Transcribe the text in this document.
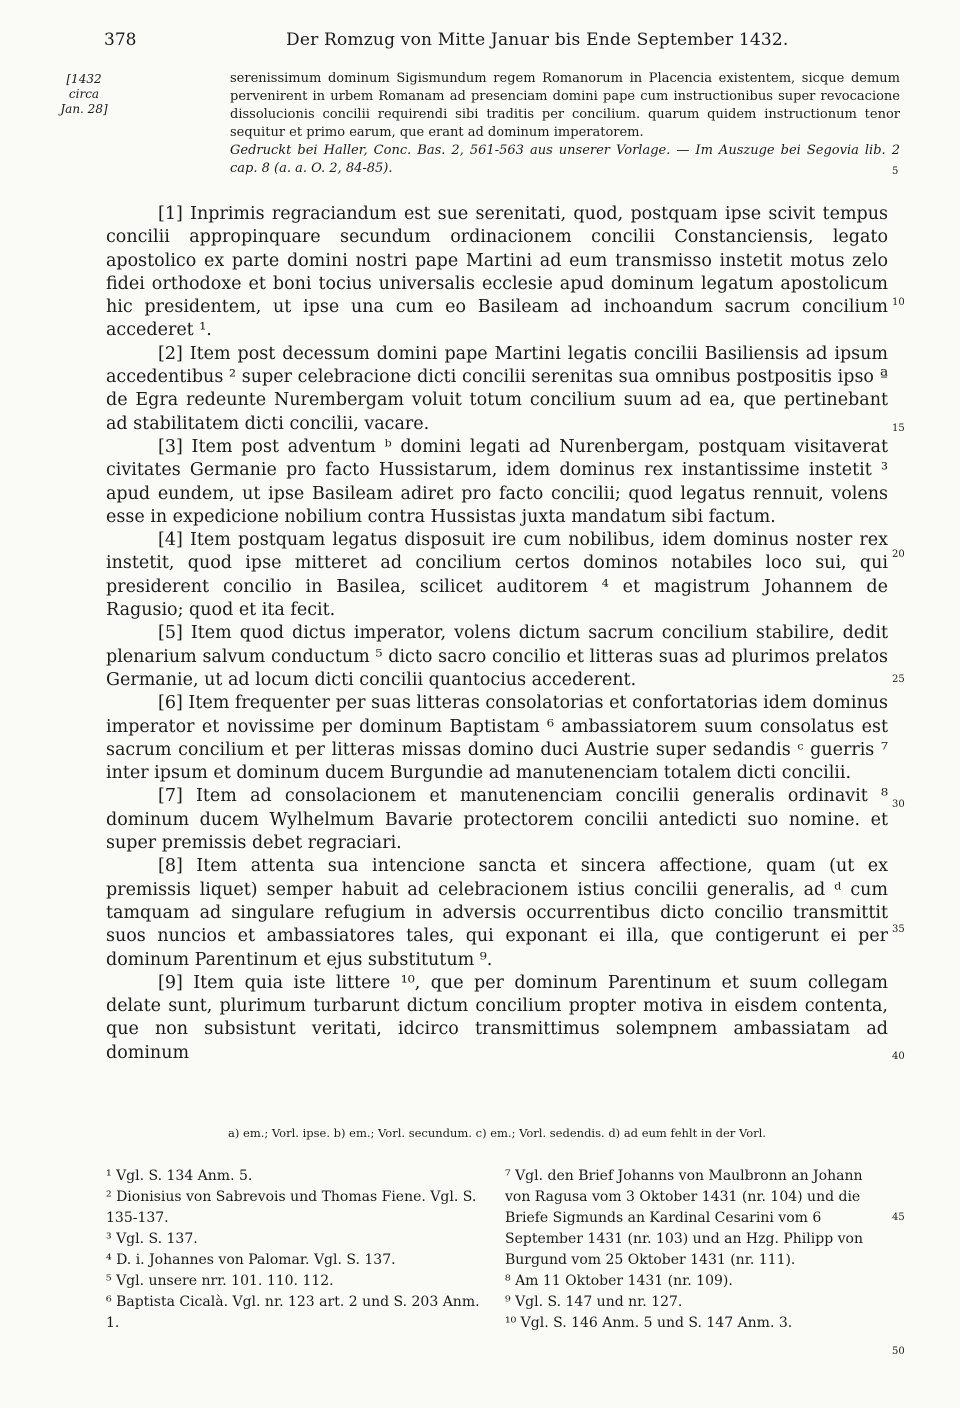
378	Der Romzug von Mitte Januar bis Ende September 1432.
[1432
circa
Jan. 28]

serenissimum dominum Sigismundum regem Romanorum in Placencia existentem, sicque demum pervenirent in urbem Romanam ad presenciam domini pape cum instructionibus super revocacione dissolucionis concilii requirendi sibi traditis per concilium. quarum quidem instructionum tenor sequitur et primo earum, que erant ad dominum imperatorem.

Gedruckt bei Haller, Conc. Bas. 2, 561-563 aus unserer Vorlage. — Im Auszuge bei Segovia lib. 2 cap. 8 (a. a. O. 2, 84-85).	5
10
15
20
25
30
35
40
45
50

[1] Inprimis regraciandum est sue serenitati, quod, postquam ipse scivit tempus concilii appropinquare secundum ordinacionem concilii Constanciensis, legato apostolico ex parte domini nostri pape Martini ad eum transmisso instetit motus zelo fidei orthodoxe et boni tocius universalis ecclesie apud dominum legatum apostolicum hic presidentem, ut ipse una cum eo Basileam ad inchoandum sacrum concilium accederet ¹.

[2] Item post decessum domini pape Martini legatis concilii Basiliensis ad ipsum accedentibus ² super celebracione dicti concilii serenitas sua omnibus postpositis ipso ª de Egra redeunte Nurembergam voluit totum concilium suum ad ea, que pertinebant ad stabilitatem dicti concilii, vacare.

[3] Item post adventum ᵇ domini legati ad Nurenbergam, postquam visitaverat civitates Germanie pro facto Hussistarum, idem dominus rex instantissime instetit ³ apud eundem, ut ipse Basileam adiret pro facto concilii; quod legatus rennuit, volens esse in expedicione nobilium contra Hussistas juxta mandatum sibi factum.

[4] Item postquam legatus disposuit ire cum nobilibus, idem dominus noster rex instetit, quod ipse mitteret ad concilium certos dominos notabiles loco sui, qui presiderent concilio in Basilea, scilicet auditorem ⁴ et magistrum Johannem de Ragusio; quod et ita fecit.

[5] Item quod dictus imperator, volens dictum sacrum concilium stabilire, dedit plenarium salvum conductum ⁵ dicto sacro concilio et litteras suas ad plurimos prelatos Germanie, ut ad locum dicti concilii quantocius accederent.

[6] Item frequenter per suas litteras consolatorias et confortatorias idem dominus imperator et novissime per dominum Baptistam ⁶ ambassiatorem suum consolatus est sacrum concilium et per litteras missas domino duci Austrie super sedandis ᶜ guerris ⁷ inter ipsum et dominum ducem Burgundie ad manutenenciam totalem dicti concilii.

[7] Item ad consolacionem et manutenenciam concilii generalis ordinavit ⁸ dominum ducem Wylhelmum Bavarie protectorem concilii antedicti suo nomine. et super premissis debet regraciari.

[8] Item attenta sua intencione sancta et sincera affectione, quam (ut ex premissis liquet) semper habuit ad celebracionem istius concilii generalis, ad ᵈ cum tamquam ad singulare refugium in adversis occurrentibus dicto concilio transmittit suos nuncios et ambassiatores tales, qui exponant ei illa, que contigerunt ei per dominum Parentinum et ejus substitutum ⁹.

[9] Item quia iste littere ¹⁰, que per dominum Parentinum et suum collegam delate sunt, plurimum turbarunt dictum concilium propter motiva in eisdem contenta, que non subsistunt veritati, idcirco transmittimus solempnem ambassiatam ad dominum

a) em.; Vorl. ipse. b) em.; Vorl. secundum. c) em.; Vorl. sedendis. d) ad eum fehlt in der Vorl.

¹ Vgl. S. 134 Anm. 5.

² Dionisius von Sabrevois und Thomas Fiene. Vgl. S. 135-137.

³ Vgl. S. 137.

⁴ D. i. Johannes von Palomar. Vgl. S. 137.

⁵ Vgl. unsere nrr. 101. 110. 112.

⁶ Baptista Cicalà. Vgl. nr. 123 art. 2 und S. 203 Anm. 1.

⁷ Vgl. den Brief Johanns von Maulbronn an Johann von Ragusa vom 3 Oktober 1431 (nr. 104) und die Briefe Sigmunds an Kardinal Cesarini vom 6 September 1431 (nr. 103) und an Hzg. Philipp von Burgund vom 25 Oktober 1431 (nr. 111).

⁸ Am 11 Oktober 1431 (nr. 109).

⁹ Vgl. S. 147 und nr. 127.

¹⁰ Vgl. S. 146 Anm. 5 und S. 147 Anm. 3.
